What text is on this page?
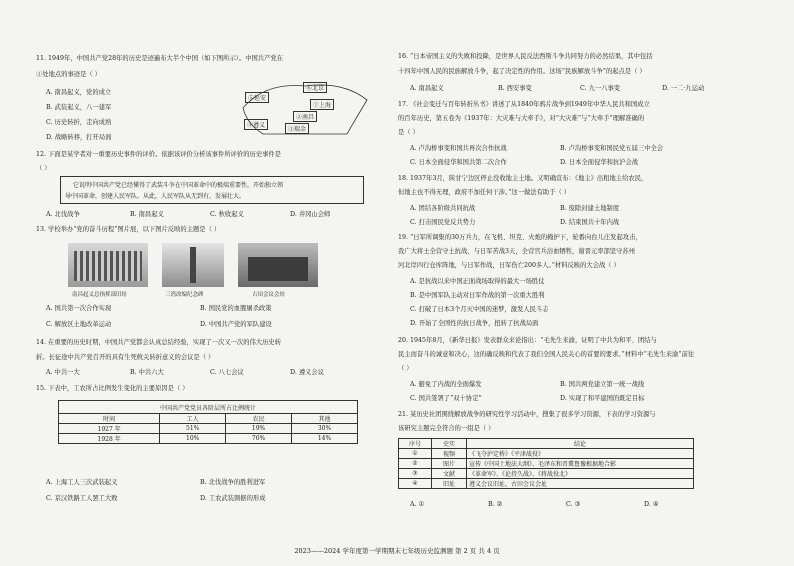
11. 1949年，中国共产党28年的历史是迹遍布大半个中国（如下图所示）。中国共产党在
①处地点的事迹是（ ）
A. 南昌起义，党的成立
B. 武装起义，八一建军
C. 历史转折，走向成熟
D. 战略转移，打开局面
⑤延安
⑥北京
①上海
②南昌
④遵义
③瑞金
12. 下面是某学者对一重要历史事件的评价。依据该评价分析该事件所评价的历史事件是
（ ）
它说明中国共产党已经懂得了武装斗争在中国革命中的极端重要性，开始独立领
导中国革命，创建人民军队。从此，人民军队从无到有，发展壮大。
A. 北伐战争	B. 南昌起义	C. 秋收起义	D. 井冈山会师
13. 学校举办“党的奋斗历程”图片展，以下图片反映的主题是（ ）
南昌起义总指挥部旧址	三湾改编纪念碑	古田会议会址
A. 国共第一次合作实现	B. 国民党的血腥屠杀政策
C. 解放区土地改革运动	D. 中国共产党的军队建设
14. 在重要的历史时期，中国共产党都会认真总结经验，实现了一次又一次的伟大历史转
折。长征途中共产党召开的具有生死攸关转折意义的会议是（ ）
A. 中共一大	B. 中共六大	C. 八七会议	D. 遵义会议
15. 下表中，工农所占比例发生变化的主要原因是（ ）
中国共产党党员各阶层所占比例统计			
时间	工人	农民	其他
1927 年	51%	19%	30%
1928 年	10%	76%	14%
A. 上海工人三次武装起义	B. 北伐战争的胜利进军
C. 京汉铁路工人罢工大败	D. 工农武装割据的形成
16. “日本帝国主义的失败和投降，是世界人民反法西斯斗争共同努力的必然结果，其中包括
十四年中国人民的民族解放斗争，起了决定性的作用。这场“民族解放斗争”的起点是（ ）
A. 南昌起义	B. 西安事变	C. 九一八事变	D. 一二·九运动
17. 《社会变迁与百年转折丛书》讲述了从1840年鸦片战争到1949年中华人民共和国成立
的百年历史，第五卷为《1937年：大灾难与大牵手》，对“大灾难”与“大牵手”理解准确的
是（ ）
A. 卢沟桥事变和国共再次合作抗战	B. 卢沟桥事变和国民党五届三中全会
C. 日本全面侵华和国共第二次合作	D. 日本全面侵华和抗沪会战
18. 1937年3月，陕甘宁边区停止没收地主土地。又明确宣布：《地主》出租地主给农民，
但地主也不得无理，政府不加任何干涉。”这一做法有助于（ ）
A. 团结各阶级共同抗战	B. 废除封建土地制度
C. 打击国民党反共势力	D. 结束国共十年内战
19. “日军所调集的30万兵力，在飞机、坦克、火炮的掩护下，轮番向台儿庄发起攻击，
我广大将士全营守土抗战，与日军苦战3天，全营官兵浴血牺牲，谢晋元率部坚守苏州
河北岸四行仓库阵地，与日军作战，日军伤亡200多人。”材料反映的大会战（ ）
A. 是抗战以来中国正面战场取得的最大一场胜仗
B. 是中国军队主动对日军作战的第一次重大胜利
C. 打破了日本3个月灭中国的迷梦，激发人民斗志
D. 开始了全国性的抗日战争，扭转了抗战局面
20. 1945年8月，《新华日报》发表群众来论指出：“毛先生来渝，证明了中共为和平、团结与
民主而奋斗的诚意和决心，这的确反映和代表了我们全国人民关心的首要的要求。”材料中“毛先生来渝”前往
（ ）
A. 避免了内战的全面爆发	B. 国共两党建立第一统一战线
C. 国共签署了“双十协定”	D. 实现了和平建国的既定目标
21. 某历史社团围绕解放战争的研究性学习活动中，搜集了很多学习资源，下表的学习资源与
该研究主题完全符合的一组是（ ）
序号	史实	结论
①	视频	《飞夺泸定桥》《平津战役》
②	图片	宣传《中国土地法大纲》、毛泽东和晋冀鲁豫根据地合影
③	文献	《革命军》、《论持久战》、《将战役北》
④	旧址	遵义会议旧址、古田会议会址
A. ①	B. ②	C. ③	D. ④
2023——2024 学年度第一学期期末七年级历史监测题 第 2 页 共 4 页
